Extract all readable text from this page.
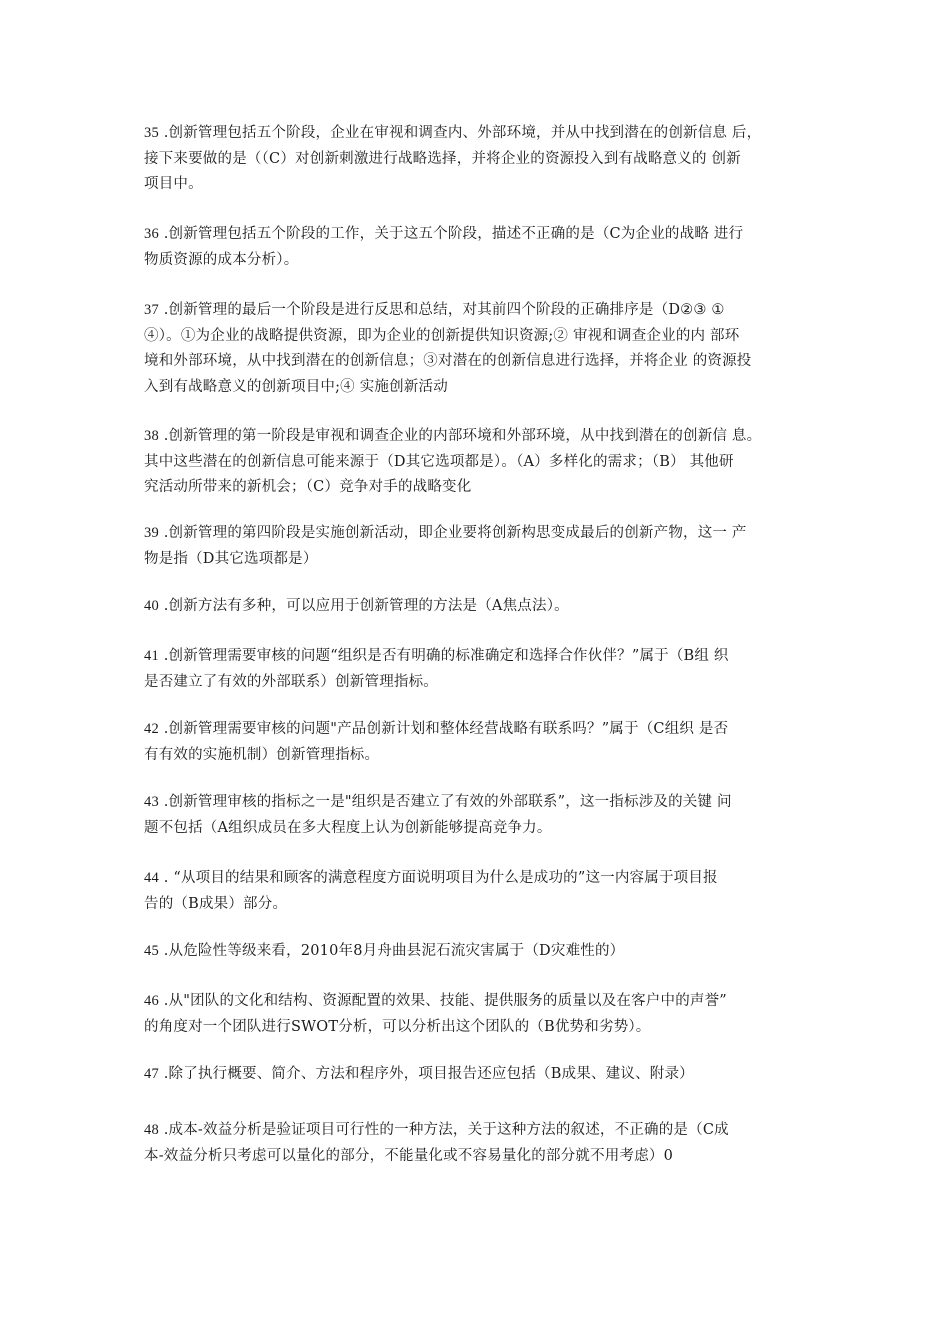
35 .创新管理包括五个阶段，企业在审视和调查内、外部环境，并从中找到潜在的创新信息 后，
接下来要做的是（（C）对创新刺激进行战略选择，并将企业的资源投入到有战略意义的 创新
项目中。
36 .创新管理包括五个阶段的工作，关于这五个阶段，描述不正确的是（C为企业的战略 进行
物质资源的成本分析）。
37 .创新管理的最后一个阶段是进行反思和总结，对其前四个阶段的正确排序是（D②③ ①
④）。①为企业的战略提供资源，即为企业的创新提供知识资源;② 审视和调查企业的内 部环
境和外部环境，从中找到潜在的创新信息；③对潜在的创新信息进行选择，并将企业 的资源投
入到有战略意义的创新项目中;④ 实施创新活动
38 .创新管理的第一阶段是审视和调查企业的内部环境和外部环境，从中找到潜在的创新信 息。
其中这些潜在的创新信息可能来源于（D其它选项都是）。（A）多样化的需求；（B） 其他研
究活动所带来的新机会；（C）竞争对手的战略变化
39 .创新管理的第四阶段是实施创新活动，即企业要将创新构思变成最后的创新产物，这一 产
物是指（D其它选项都是）
40 .创新方法有多种，可以应用于创新管理的方法是（A焦点法）。
41 .创新管理需要审核的问题“组织是否有明确的标准确定和选择合作伙伴？”属于（B组 织
是否建立了有效的外部联系）创新管理指标。
42 .创新管理需要审核的问题"产品创新计划和整体经营战略有联系吗？”属于（C组织 是否
有有效的实施机制）创新管理指标。
43 .创新管理审核的指标之一是"组织是否建立了有效的外部联系”，这一指标涉及的关键 问
题不包括（A组织成员在多大程度上认为创新能够提高竞争力。
44 . “从项目的结果和顾客的满意程度方面说明项目为什么是成功的”这一内容属于项目报
告的（B成果）部分。
45 .从危险性等级来看，2010年8月舟曲县泥石流灾害属于（D灾难性的）
46 .从"团队的文化和结构、资源配置的效果、技能、提供服务的质量以及在客户中的声誉”
的角度对一个团队进行SWOT分析，可以分析出这个团队的（B优势和劣势）。
47 .除了执行概要、简介、方法和程序外，项目报告还应包括（B成果、建议、附录）
48 .成本-效益分析是验证项目可行性的一种方法，关于这种方法的叙述，不正确的是（C成
本-效益分析只考虑可以量化的部分，不能量化或不容易量化的部分就不用考虑）0
